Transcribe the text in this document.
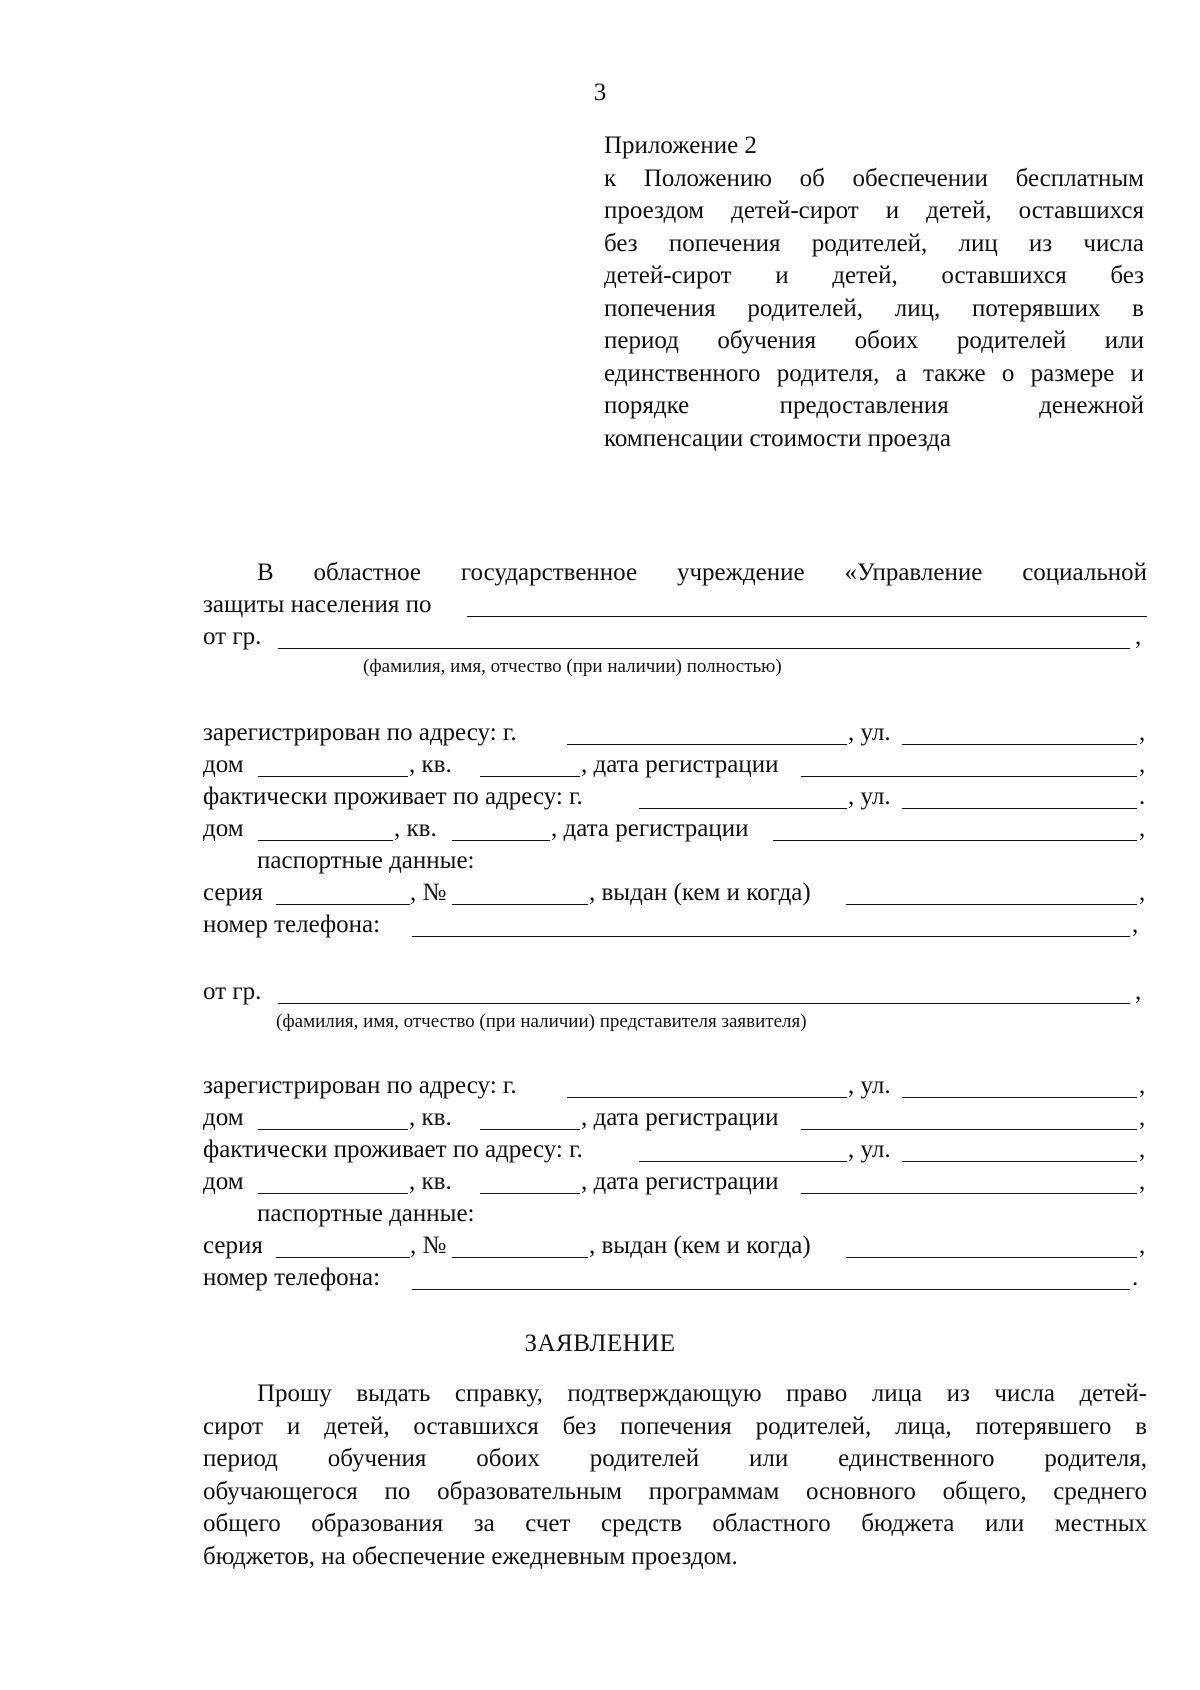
3
Приложение 2
к Положению об обеспечении бесплатным
проездом детей-сирот и детей, оставшихся
без попечения родителей, лиц из числа
детей-сирот и детей, оставшихся без
попечения родителей, лиц, потерявших в
период обучения обоих родителей или
единственного родителя, а также о размере и
порядке предоставления денежной
компенсации стоимости проезда
В областное государственное учреждение «Управление социальной
защиты населения по
от гр.	,
(фамилия, имя, отчество (при наличии) полностью)
зарегистрирован по адресу: г.	, ул.	,
дом	, кв.	, дата регистрации	,
фактически проживает по адресу: г.	, ул.	.
дом	, кв.	, дата регистрации	,
паспортные данные:
серия	, №	, выдан (кем и когда)	,
номер телефона:	,
от гр.	,
(фамилия, имя, отчество (при наличии) представителя заявителя)
зарегистрирован по адресу: г.	, ул.	,
дом	, кв.	, дата регистрации	,
фактически проживает по адресу: г.	, ул.	,
дом	, кв.	, дата регистрации	,
паспортные данные:
серия	, №	, выдан (кем и когда)	,
номер телефона:	.
ЗАЯВЛЕНИЕ
Прошу выдать справку, подтверждающую право лица из числа детей-
сирот и детей, оставшихся без попечения родителей, лица, потерявшего в
период обучения обоих родителей или единственного родителя,
обучающегося по образовательным программам основного общего, среднего
общего образования за счет средств областного бюджета или местных
бюджетов, на обеспечение ежедневным проездом.
